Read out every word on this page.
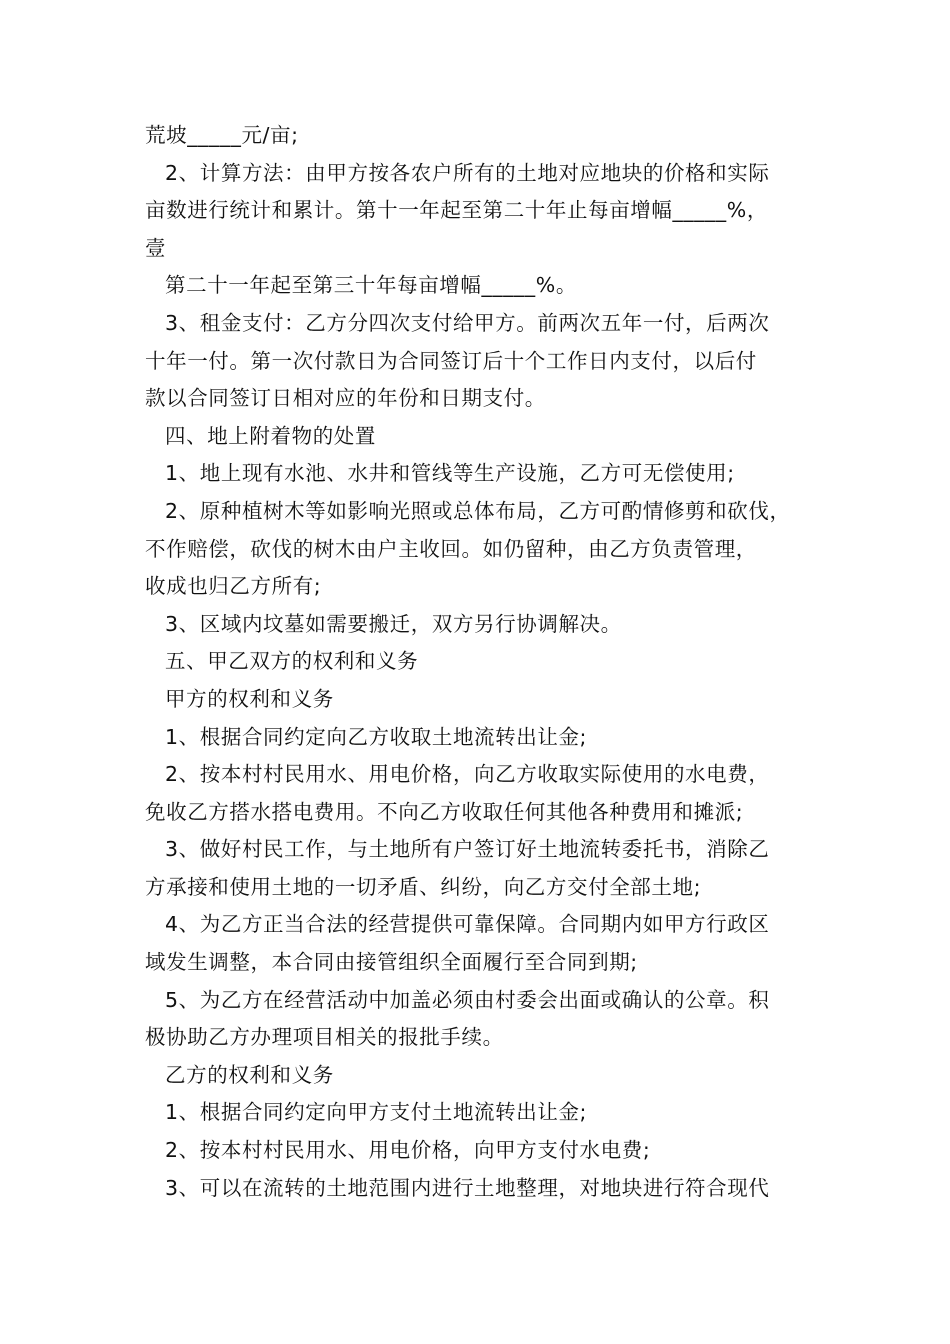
荒坡_____元/亩;
2、计算方法：由甲方按各农户所有的土地对应地块的价格和实际
亩数进行统计和累计。第十一年起至第二十年止每亩增幅_____%，
壹
第二十一年起至第三十年每亩增幅_____%。
3、租金支付：乙方分四次支付给甲方。前两次五年一付，后两次
十年一付。第一次付款日为合同签订后十个工作日内支付，以后付
款以合同签订日相对应的年份和日期支付。
四、地上附着物的处置
1、地上现有水池、水井和管线等生产设施，乙方可无偿使用;
2、原种植树木等如影响光照或总体布局，乙方可酌情修剪和砍伐，
不作赔偿，砍伐的树木由户主收回。如仍留种，由乙方负责管理，
收成也归乙方所有;
3、区域内坟墓如需要搬迁，双方另行协调解决。
五、甲乙双方的权利和义务
甲方的权利和义务
1、根据合同约定向乙方收取土地流转出让金;
2、按本村村民用水、用电价格，向乙方收取实际使用的水电费，
免收乙方搭水搭电费用。不向乙方收取任何其他各种费用和摊派;
3、做好村民工作，与土地所有户签订好土地流转委托书，消除乙
方承接和使用土地的一切矛盾、纠纷，向乙方交付全部土地;
4、为乙方正当合法的经营提供可靠保障。合同期内如甲方行政区
域发生调整，本合同由接管组织全面履行至合同到期;
5、为乙方在经营活动中加盖必须由村委会出面或确认的公章。积
极协助乙方办理项目相关的报批手续。
乙方的权利和义务
1、根据合同约定向甲方支付土地流转出让金;
2、按本村村民用水、用电价格，向甲方支付水电费;
3、可以在流转的土地范围内进行土地整理，对地块进行符合现代
